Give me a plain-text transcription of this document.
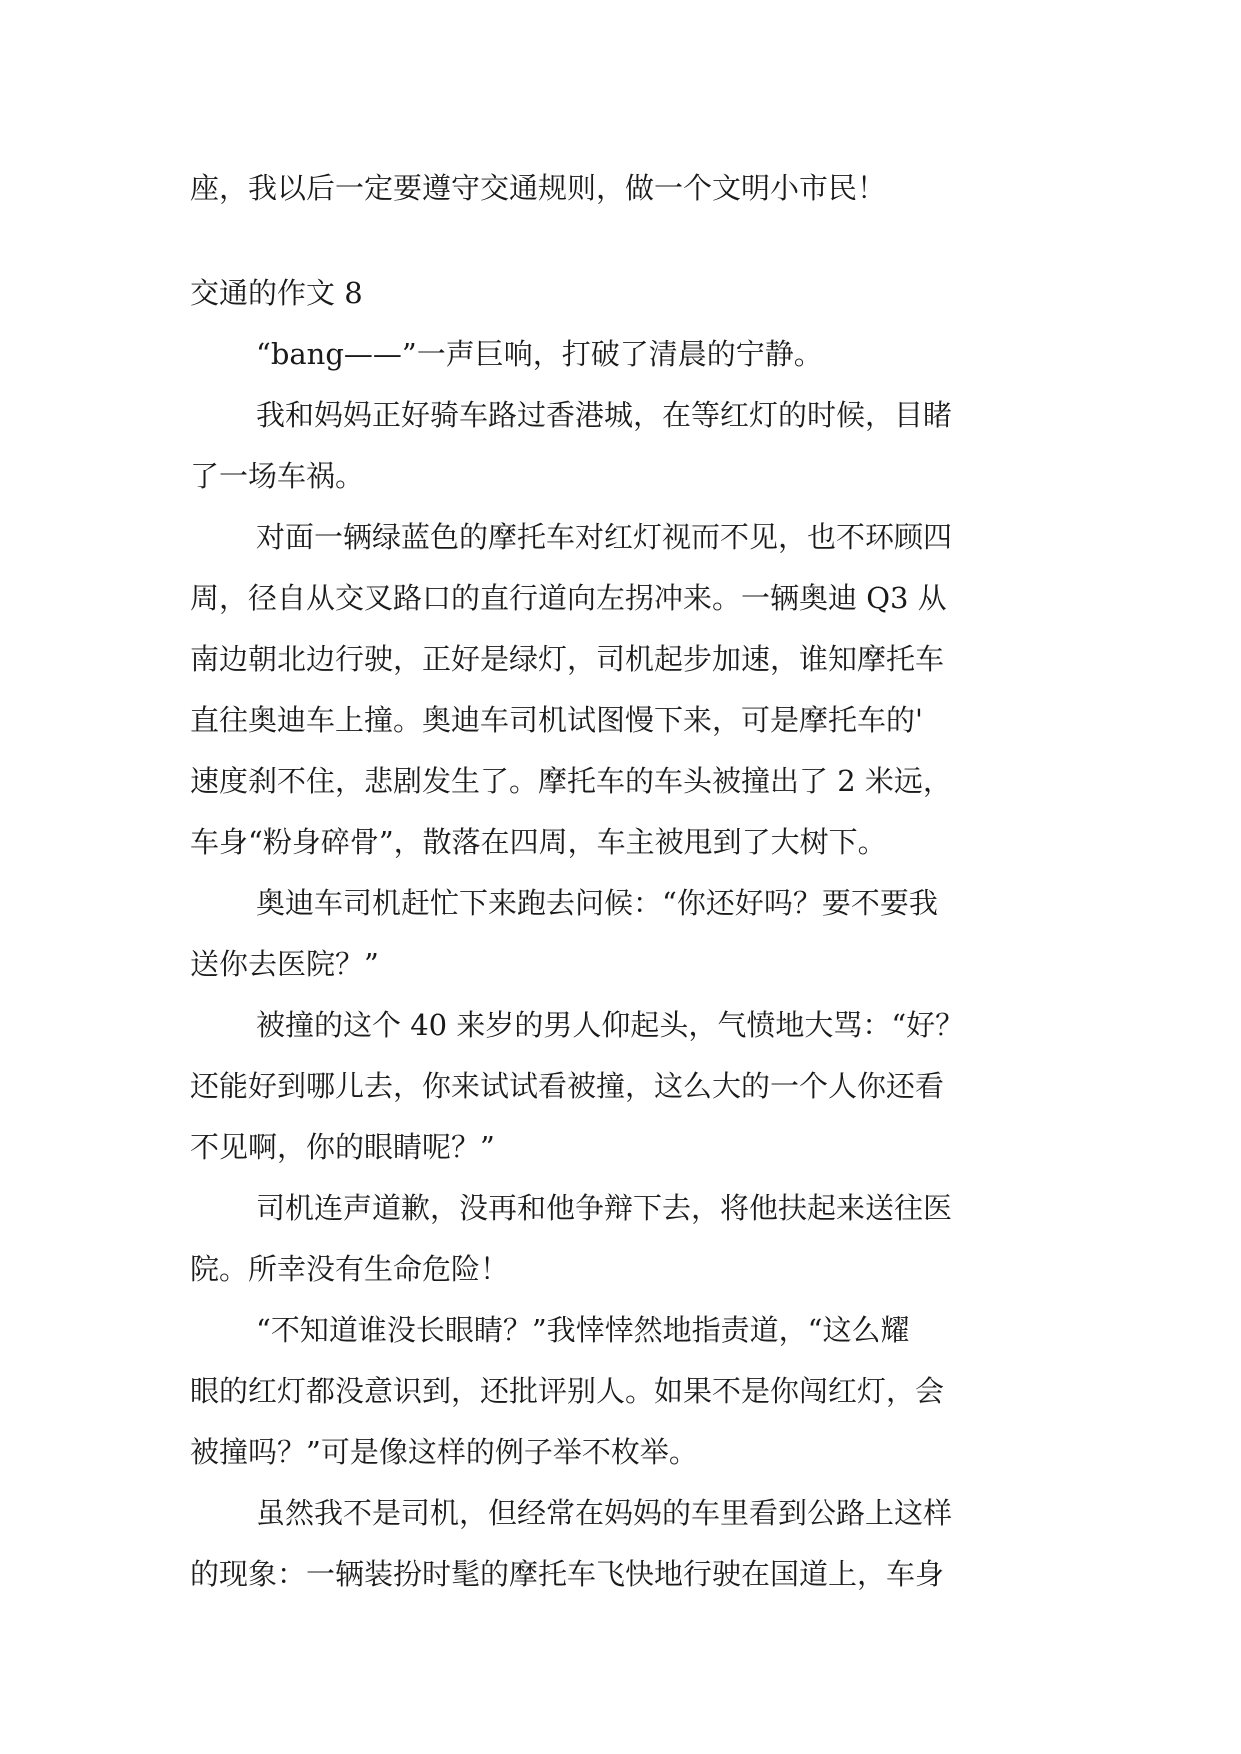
座，我以后一定要遵守交通规则，做一个文明小市民！
交通的作文 8
“bang——”一声巨响，打破了清晨的宁静。
我和妈妈正好骑车路过香港城，在等红灯的时候，目睹
了一场车祸。
对面一辆绿蓝色的摩托车对红灯视而不见，也不环顾四
周，径自从交叉路口的直行道向左拐冲来。一辆奥迪 Q3 从
南边朝北边行驶，正好是绿灯，司机起步加速，谁知摩托车
直往奥迪车上撞。奥迪车司机试图慢下来，可是摩托车的'
速度刹不住，悲剧发生了。摩托车的车头被撞出了 2 米远，
车身“粉身碎骨”，散落在四周，车主被甩到了大树下。
奥迪车司机赶忙下来跑去问候：“你还好吗？要不要我
送你去医院？”
被撞的这个 40 来岁的男人仰起头，气愤地大骂：“好？
还能好到哪儿去，你来试试看被撞，这么大的一个人你还看
不见啊，你的眼睛呢？”
司机连声道歉，没再和他争辩下去，将他扶起来送往医
院。所幸没有生命危险！
“不知道谁没长眼睛？”我悻悻然地指责道，“这么耀
眼的红灯都没意识到，还批评别人。如果不是你闯红灯，会
被撞吗？”可是像这样的例子举不枚举。
虽然我不是司机，但经常在妈妈的车里看到公路上这样
的现象：一辆装扮时髦的摩托车飞快地行驶在国道上，车身
